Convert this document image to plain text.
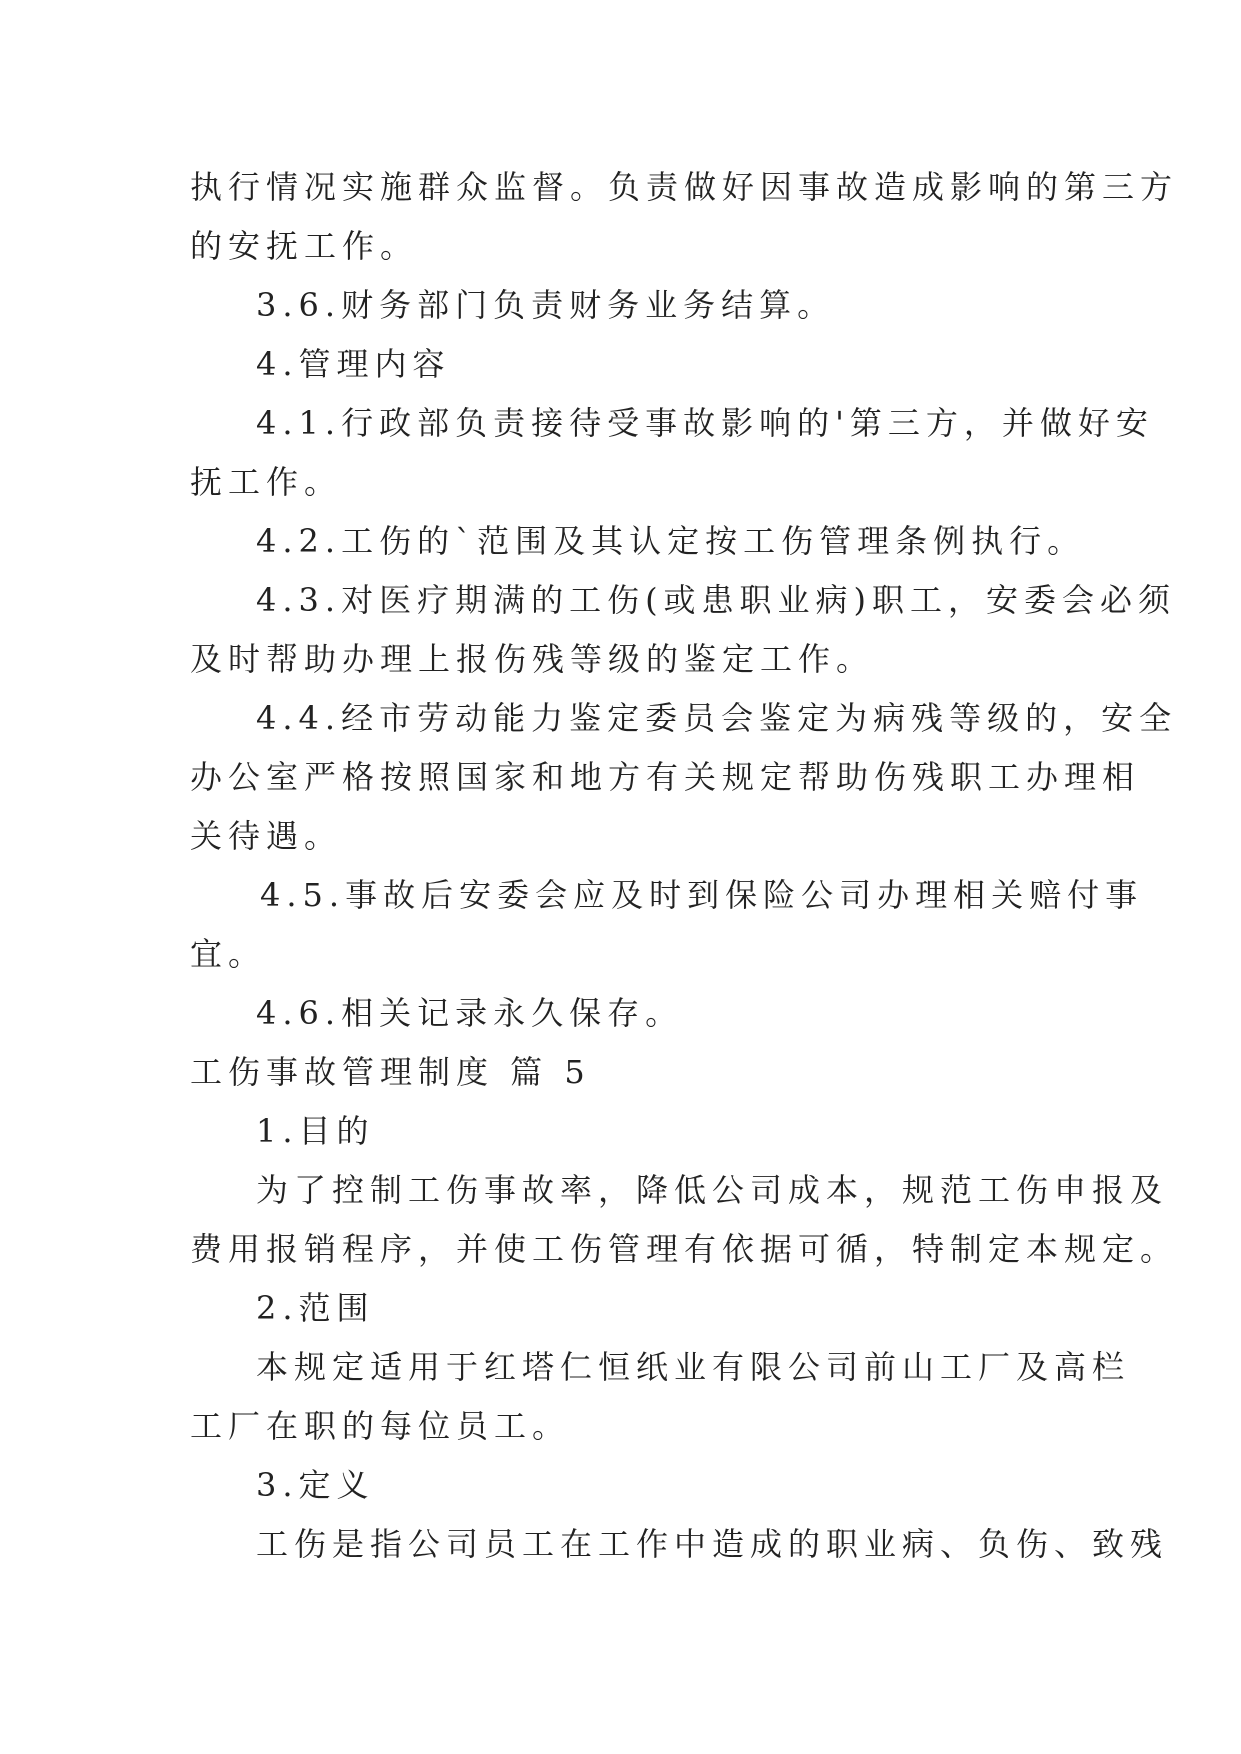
执行情况实施群众监督。负责做好因事故造成影响的第三方
的安抚工作。
3.6.财务部门负责财务业务结算。
4.管理内容
4.1.行政部负责接待受事故影响的'第三方，并做好安
抚工作。
4.2.工伤的`范围及其认定按工伤管理条例执行。
4.3.对医疗期满的工伤(或患职业病)职工，安委会必须
及时帮助办理上报伤残等级的鉴定工作。
4.4.经市劳动能力鉴定委员会鉴定为病残等级的，安全
办公室严格按照国家和地方有关规定帮助伤残职工办理相
关待遇。
4.5.事故后安委会应及时到保险公司办理相关赔付事
宜。
4.6.相关记录永久保存。
工伤事故管理制度 篇 5
1.目的
为了控制工伤事故率，降低公司成本，规范工伤申报及
费用报销程序，并使工伤管理有依据可循，特制定本规定。
2.范围
本规定适用于红塔仁恒纸业有限公司前山工厂及高栏
工厂在职的每位员工。
3.定义
工伤是指公司员工在工作中造成的职业病、负伤、致残
